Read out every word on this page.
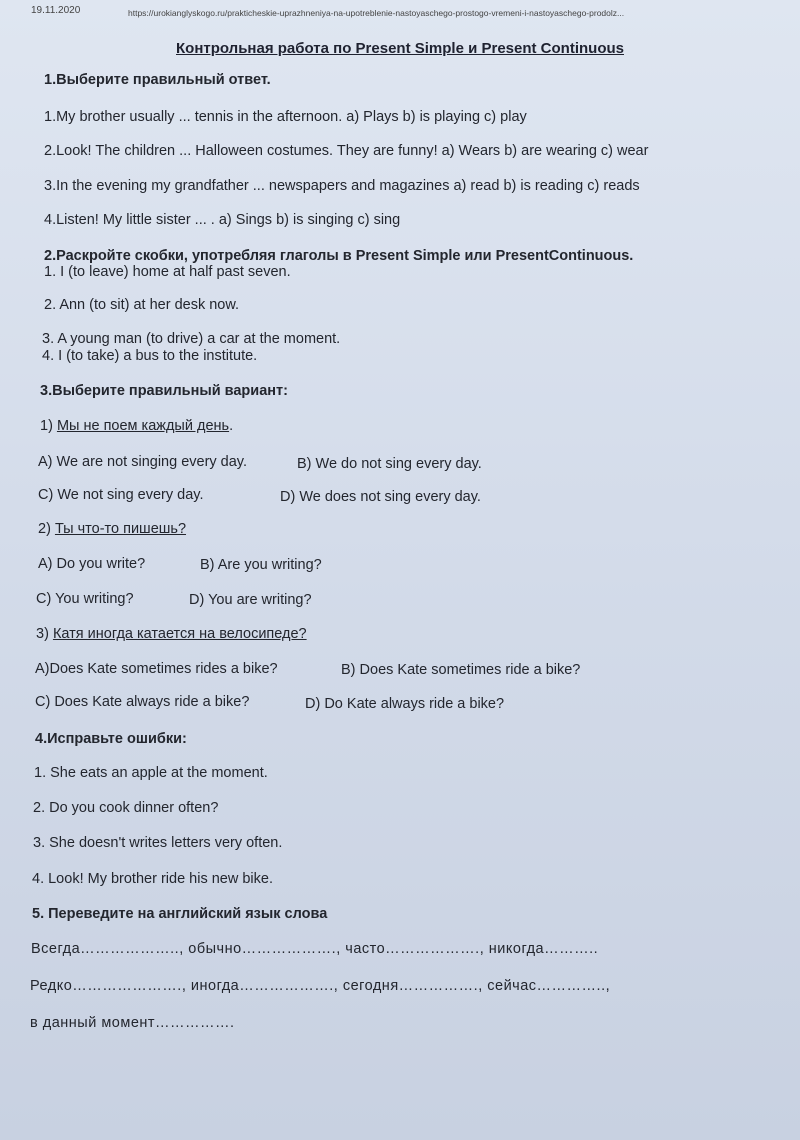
19.11.2020	https://urokianglyskogo.ru/prakticheskie-uprazhneniya-na-upotreblenie-nastoyaschego-prostogo-vremeni-i-nastoyaschego-prodolz...
Контрольная работа по Present Simple и Present Continuous
1.Выберите правильный ответ.
1.My brother usually ... tennis in the afternoon. a) Plays b) is playing c) play
2.Look! The children ... Halloween costumes. They are funny! a) Wears b) are wearing c) wear
3.In the evening my grandfather ... newspapers and magazines a) read b) is reading c) reads
4.Listen! My little sister ... . a) Sings b) is singing c) sing
2.Раскройте скобки, употребляя глаголы в Present Simple или PresentContinuous.
1. I (to leave) home at half past seven.
2. Ann (to sit) at her desk now.
3. A young man (to drive) a car at the moment.
4. I (to take) a bus to the institute.
3.Выберите правильный вариант:
1) Мы не поем каждый день.
A) We are not singing every day.	B) We do not sing every day.
C) We not sing every day.	D) We does not sing every day.
2) Ты что-то пишешь?
A) Do you write?	B) Are you writing?
C) You writing?	D) You are writing?
3) Катя иногда катается на велосипеде?
A)Does Kate sometimes rides a bike?	B) Does Kate sometimes ride a bike?
C) Does Kate always ride a bike?	D) Do Kate always ride a bike?
4.Исправьте ошибки:
1. She eats an apple at the moment.
2. Do you cook dinner often?
3. She doesn't writes letters very often.
4. Look! My brother ride his new bike.
5. Переведите на английский язык слова
Всегда……………….., обычно………………., часто………………., никогда………..
Редко…………………., иногда………………., сегодня……………., сейчас…………..,
в данный момент…………….
